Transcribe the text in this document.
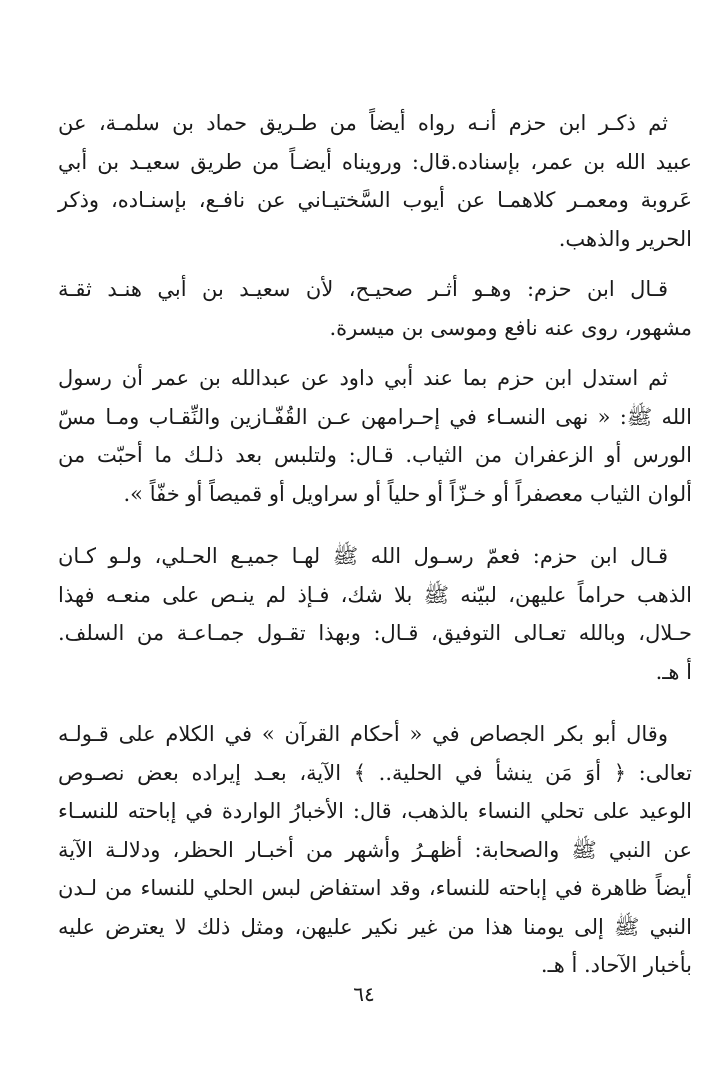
ثم ذكـر ابن حزم أنـه رواه أيضاً من طـريق حماد بن سلمـة، عن
عبيد الله بن عمر، بإسناده.قال: ورويناه أيضـاً من طريق سعيـد بن أبي
عَروبة ومعمـر كلاهمـا عن أيوب السَّختيـاني عن نافـع، بإسنـاده، وذكر
الحرير والذهب.
قـال ابن حزم: وهـو أثـر صحيـح، لأن سعيـد بن أبي هنـد ثقـة
مشهور، روى عنه نافع وموسى بن ميسرة.
ثم استدل ابن حزم بما عند أبي داود عن عبدالله بن عمر أن رسول
الله ﷺ: « نهى النسـاء في إحـرامهن عـن القُفّـازين والنِّقـاب ومـا مسّ
الورس أو الزعفران من الثياب. قـال: ولتلبس بعد ذلـك ما أحبّت من
ألوان الثياب معصفراً أو خـزّاً أو حلياً أو سراويل أو قميصاً أو خفّاً ».
قـال ابن حزم: فعمّ رسـول الله ﷺ لهـا جميـع الحـلي، ولـو كـان
الذهب حراماً عليهن، لبيّنه ﷺ بلا شك، فـإذ لم ينـص على منعـه فهذا
حـلال، وبالله تعـالى التوفيق، قـال: وبهذا تقـول جمـاعـة من السلف.
أ هـ.
وقال أبو بكر الجصاص في « أحكام القرآن » في الكلام على قـولـه
تعالى: ﴿ أوَ مَن ينشأ في الحلية.. ﴾ الآية، بعـد إيراده بعض نصـوص
الوعيد على تحلي النساء بالذهب، قال: الأخبارُ الواردة في إباحته للنسـاء
عن النبي ﷺ والصحابة: أظهـرُ وأشهر من أخبـار الحظر، ودلالـة الآية
أيضاً ظاهرة في إباحته للنساء، وقد استفاض لبس الحلي للنساء من لـدن
النبي ﷺ إلى يومنا هذا من غير نكير عليهن، ومثل ذلك لا يعترض عليه
بأخبار الآحاد. أ هـ.
٦٤
